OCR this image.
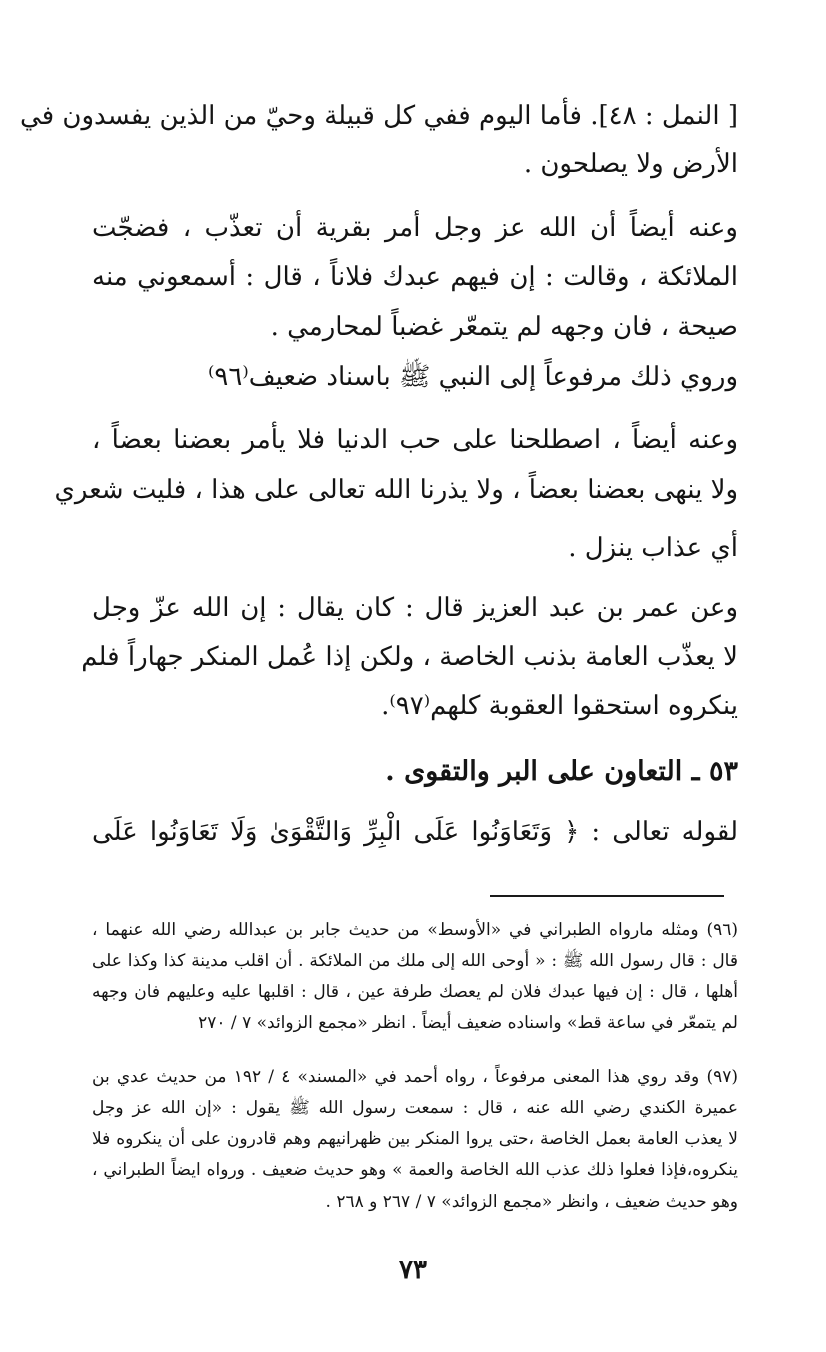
[ النمل : ٤٨]. فأما اليوم ففي كل قبيلة وحيّ من الذين يفسدون في
الأرض ولا يصلحون .
وعنه أيضاً أن الله عز وجل أمر بقرية أن تعذّب ، فضجّت
الملائكة ، وقالت : إن فيهم عبدك فلاناً ، قال : أسمعوني منه
صيحة ، فان وجهه لم يتمعّر غضباً لمحارمي .
وروي ذلك مرفوعاً إلى النبي ﷺ باسناد ضعيف⁽٩٦⁾
وعنه أيضاً ، اصطلحنا على حب الدنيا فلا يأمر بعضنا بعضاً ،
ولا ينهى بعضنا بعضاً ، ولا يذرنا الله تعالى على هذا ، فليت شعري
أي عذاب ينزل .
وعن عمر بن عبد العزيز قال : كان يقال : إن الله عزّ وجل
لا يعذّب العامة بذنب الخاصة ، ولكن إذا عُمل المنكر جهاراً فلم
ينكروه استحقوا العقوبة كلهم⁽٩٧⁾.
٥٣ ـ التعاون على البر والتقوى .
لقوله تعالى : ﴿ وَتَعَاوَنُوا عَلَى الْبِرِّ وَالتَّقْوَىٰ وَلَا تَعَاوَنُوا عَلَى
(٩٦) ومثله ماروا﻿ه الطبراني في «الأوسط» من حديث جابر بن عبدالله رضي الله عنهما ،
قال : قال رسول الله ﷺ : « أوحى الله إلى ملك من الملائكة . أن اقلب مدينة كذا وكذا على
أهلها ، قال : إن فيها عبدك فلان لم يعصك طرفة عين ، قال : اقلبها عليه وعليهم فان وجهه
لم يتمعّر في ساعة قط» واسناده ضعيف أيضاً . انظر «مجمع الزوائد» ٧ / ٢٧٠
(٩٧) وقد روي هذا المعنى مرفوعاً ، رواه أحمد في «المسند» ٤ / ١٩٢ من حديث عدي بن
عميرة الكندي رضي الله عنه ، قال : سمعت رسول الله ﷺ يقول : «إن الله عز وجل
لا يعذب العامة بعمل الخاصة ،حتى يروا المنكر بين ظهرانيهم وهم قادرون على أن ينكروه فلا
ينكروه،فإذا فعلوا ذلك عذب الله الخاصة والعمة » وهو حديث ضعيف . ورواه ايضاً الطبراني ،
وهو حديث ضعيف ، وانظر «مجمع الزوائد» ٧ / ٢٦٧ و ٢٦٨ .
٧٣
